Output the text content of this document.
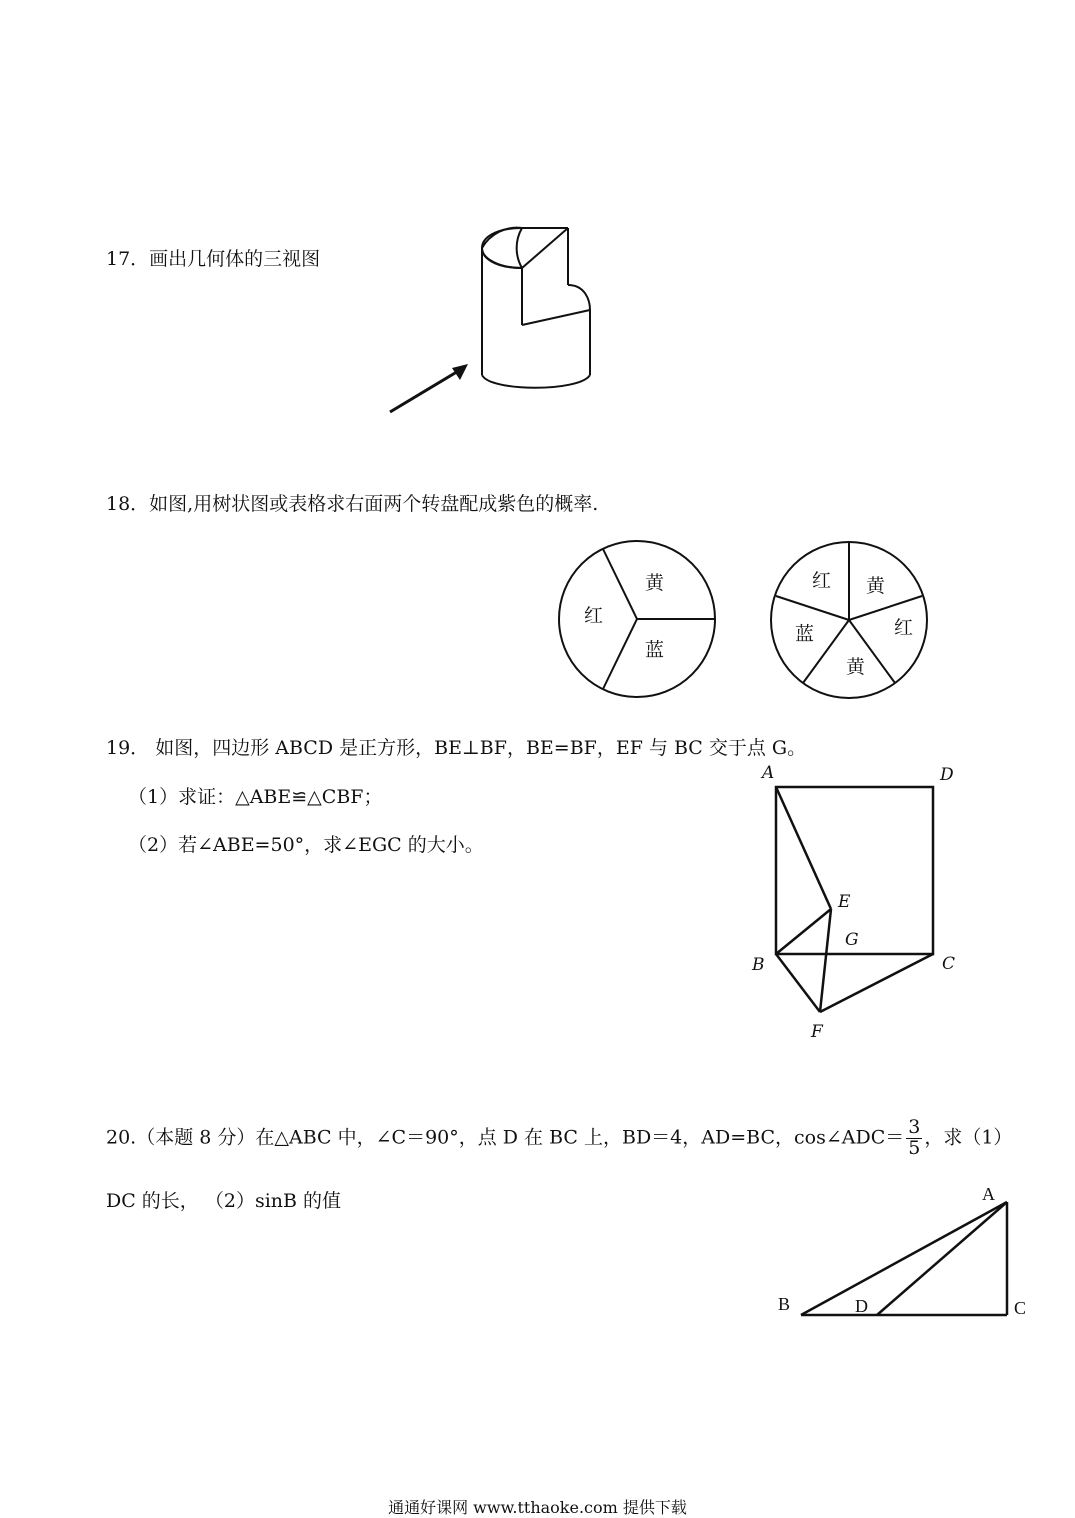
17．画出几何体的三视图
18．如图,用树状图或表格求右面两个转盘配成紫色的概率.
黄
红
蓝
红 黄
红
黄
蓝
19． 如图，四边形 ABCD 是正方形，BE⊥BF，BE=BF，EF 与 BC 交于点 G。
（1）求证：△ABE≌△CBF；
（2）若∠ABE=50°，求∠EGC 的大小。
A	D
E
G
B	C
F
20.（本题 8 分）在△ABC 中，∠C＝90°，点 D 在 BC 上，BD＝4，AD=BC，cos∠ADC＝ $\frac{3}{5}$ ，求（1）
DC 的长， （2）sinB 的值	A
B	D	C
通通好课网 www.tthaoke.com 提供下载
